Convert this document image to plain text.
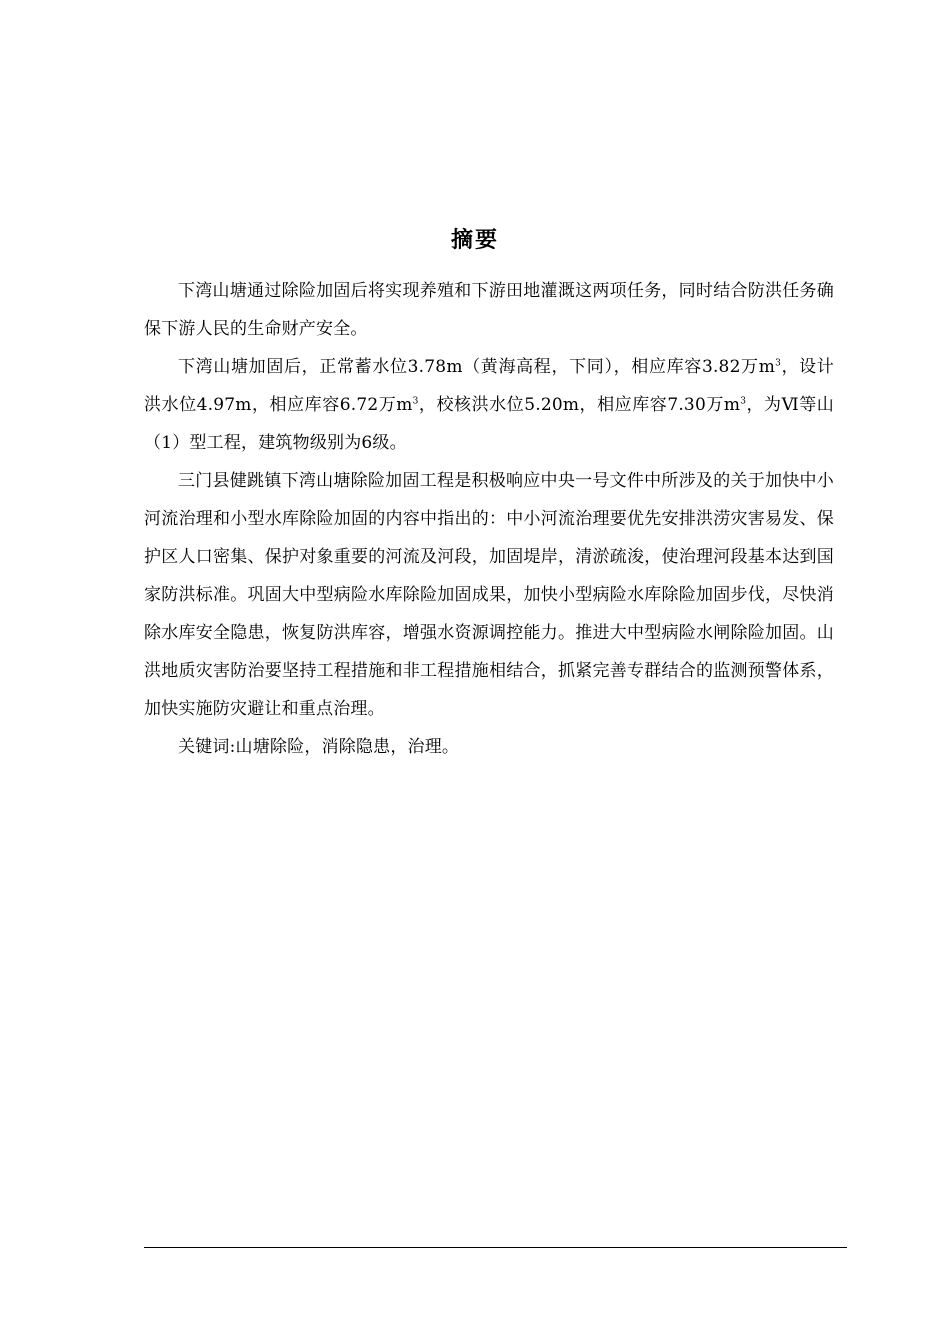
摘要

下湾山塘通过除险加固后将实现养殖和下游田地灌溉这两项任务，同时结合防洪任务确保下游人民的生命财产安全。

下湾山塘加固后，正常蓄水位3.78m（黄海高程，下同），相应库容3.82万$m^3$，设计洪水位4.97m，相应库容6.72万$m^3$，校核洪水位5.20m，相应库容7.30万$m^3$，为Ⅵ等山（1）型工程，建筑物级别为6级。

三门县健跳镇下湾山塘除险加固工程是积极响应中央一号文件中所涉及的关于加快中小河流治理和小型水库除险加固的内容中指出的：中小河流治理要优先安排洪涝灾害易发、保护区人口密集、保护对象重要的河流及河段，加固堤岸，清淤疏浚，使治理河段基本达到国家防洪标准。巩固大中型病险水库除险加固成果，加快小型病险水库除险加固步伐，尽快消除水库安全隐患，恢复防洪库容，增强水资源调控能力。推进大中型病险水闸除险加固。山洪地质灾害防治要坚持工程措施和非工程措施相结合，抓紧完善专群结合的监测预警体系，加快实施防灾避让和重点治理。

关键词:山塘除险，消除隐患，治理。
